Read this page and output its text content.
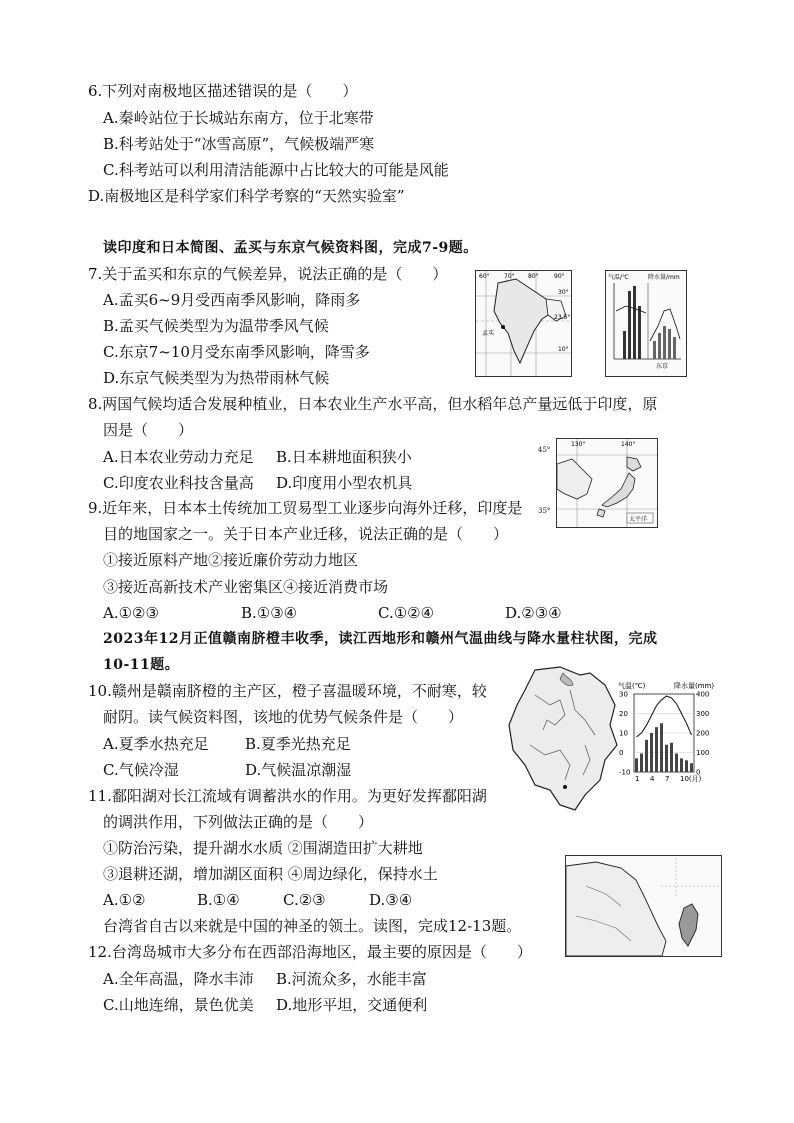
6.下列对南极地区描述错误的是（　　）
A.秦岭站位于长城站东南方，位于北寒带
B.科考站处于“冰雪高原”，气候极端严寒
C.科考站可以利用清洁能源中占比较大的可能是风能
D.南极地区是科学家们科学考察的“天然实验室”
读印度和日本简图、孟买与东京气候资料图，完成7-9题。
7.关于孟买和东京的气候差异，说法正确的是（　　）
A.孟买6~9月受西南季风影响，降雨多
B.孟买气候类型为为温带季风气候
C.东京7~10月受东南季风影响，降雪多
D.东京气候类型为为热带雨林气候
孟买
60° 70° 80°	90°
30°
23.5°
10°
气温/℃	降水量/mm
东京
8.两国气候均适合发展种植业，日本农业生产水平高，但水稻年总产量远低于印度，原
因是（　　）
A.日本农业劳动力充足 B.日本耕地面积狭小
C.印度农业科技含量高 D.印度用小型农机具
太平洋
130°	140°
45°
35°
9.近年来，日本本土传统加工贸易型工业逐步向海外迁移，印度是
目的地国家之一。关于日本产业迁移，说法正确的是（　　）
①接近原料产地②接近廉价劳动力地区
③接近高新技术产业密集区④接近消费市场
A.①②③	B.①③④	C.①②④	D.②③④
2023年12月正值赣南脐橙丰收季，读江西地形和赣州气温曲线与降水量柱状图，完成
10-11题。
10.赣州是赣南脐橙的主产区，橙子喜温暖环境，不耐寒，较
耐阴。读气候资料图，该地的优势气候条件是（　　）
A.夏季水热充足 B.夏季光热充足
C.气候冷湿	D.气候温凉潮湿
气温(℃)	降水量(mm)
30
20
10
0
-10
400
300
200
100
0
1 4 7 10(月)
11.鄱阳湖对长江流域有调蓄洪水的作用。为更好发挥鄱阳湖
的调洪作用，下列做法正确的是（　　）
①防治污染，提升湖水水质 ②围湖造田扩大耕地
③退耕还湖，增加湖区面积 ④周边绿化，保持水土
A.①②	B.①④	C.②③	D.③④
台湾省自古以来就是中国的神圣的领土。读图，完成12-13题。
12.台湾岛城市大多分布在西部沿海地区，最主要的原因是（　　）
A.全年高温，降水丰沛 B.河流众多，水能丰富
C.山地连绵，景色优美 D.地形平坦，交通便利
